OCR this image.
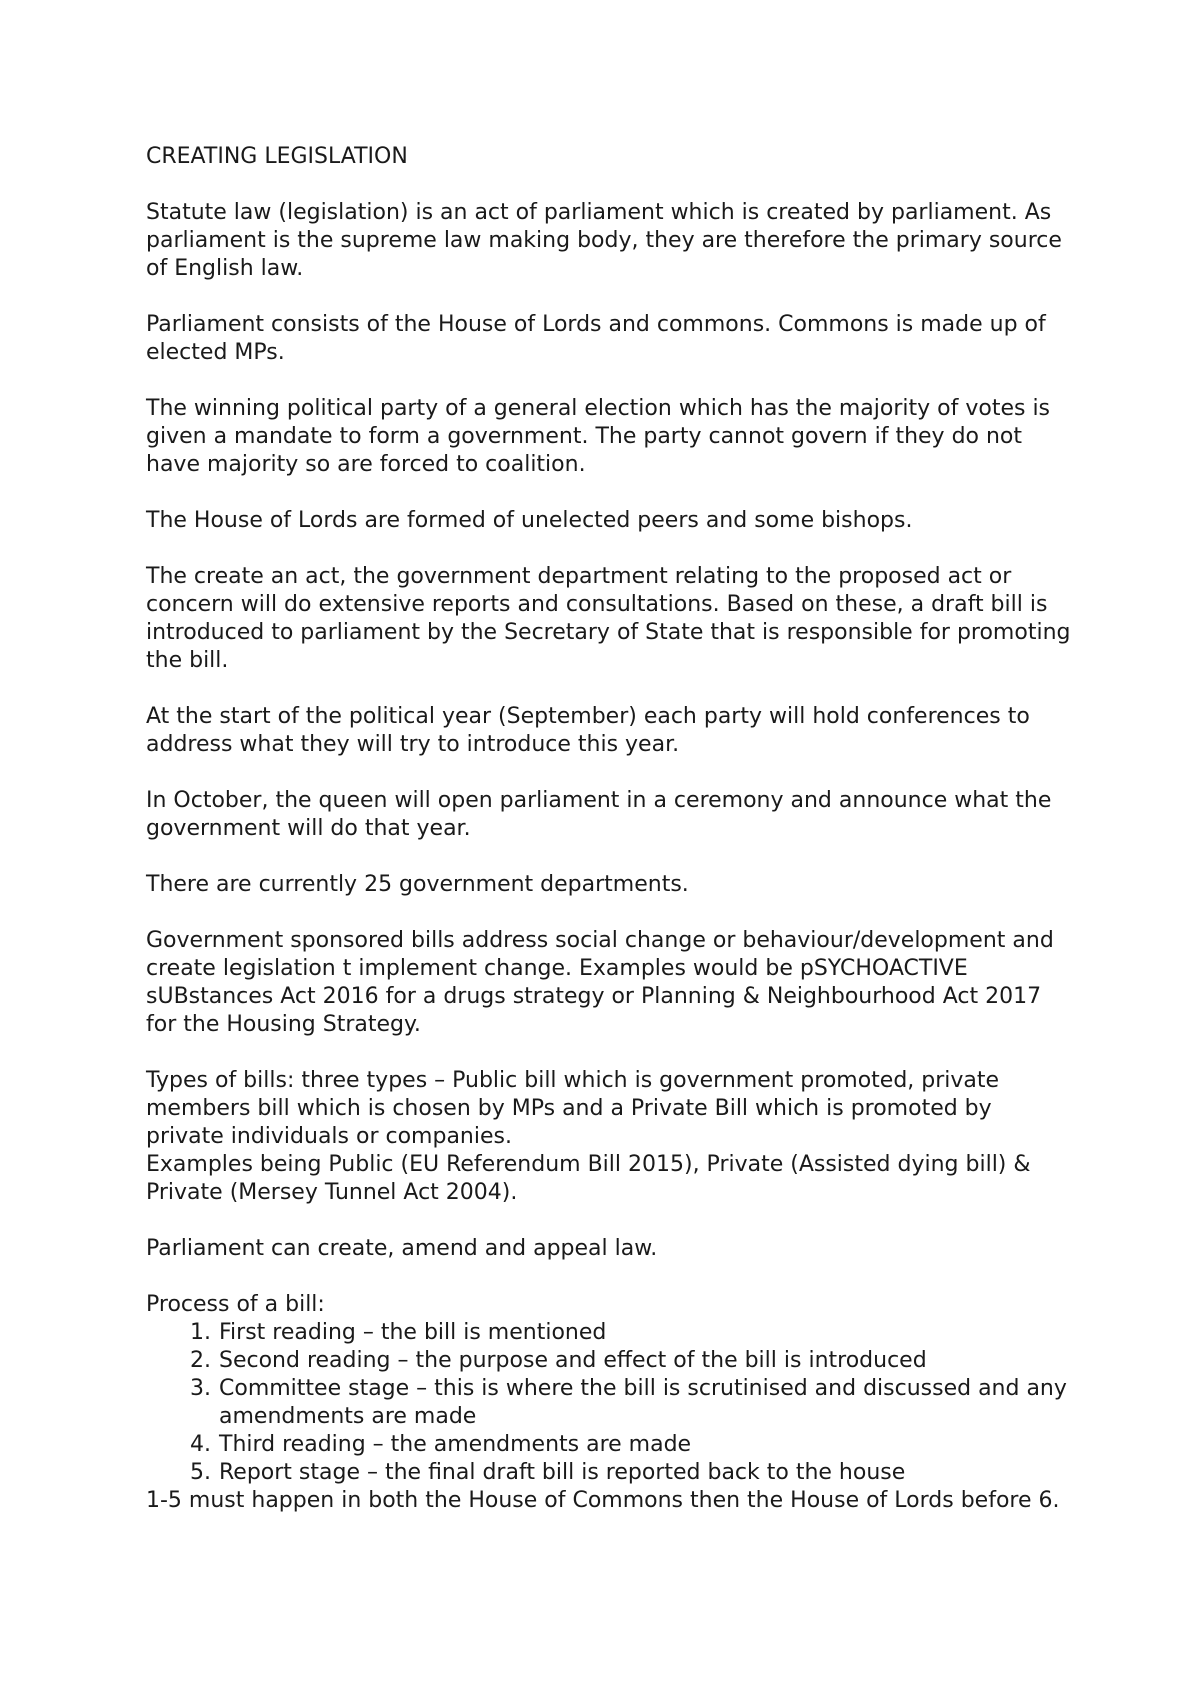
CREATING LEGISLATION

Statute law (legislation) is an act of parliament which is created by parliament. As parliament is the supreme law making body, they are therefore the primary source of English law.

Parliament consists of the House of Lords and commons. Commons is made up of elected MPs.

The winning political party of a general election which has the majority of votes is given a mandate to form a government. The party cannot govern if they do not have majority so are forced to coalition.

The House of Lords are formed of unelected peers and some bishops.

The create an act, the government department relating to the proposed act or concern will do extensive reports and consultations. Based on these, a draft bill is introduced to parliament by the Secretary of State that is responsible for promoting the bill.

At the start of the political year (September) each party will hold conferences to address what they will try to introduce this year.

In October, the queen will open parliament in a ceremony and announce what the government will do that year.

There are currently 25 government departments.

Government sponsored bills address social change or behaviour/development and create legislation t implement change. Examples would be pSYCHOACTIVE sUBstances Act 2016 for a drugs strategy or Planning & Neighbourhood Act 2017 for the Housing Strategy.

Types of bills: three types – Public bill which is government promoted, private members bill which is chosen by MPs and a Private Bill which is promoted by private individuals or companies.

Examples being Public (EU Referendum Bill 2015), Private (Assisted dying bill) & Private (Mersey Tunnel Act 2004).

Parliament can create, amend and appeal law.

Process of a bill:

1. First reading – the bill is mentioned
2. Second reading – the purpose and effect of the bill is introduced
3. Committee stage – this is where the bill is scrutinised and discussed and any amendments are made
4. Third reading – the amendments are made
5. Report stage – the final draft bill is reported back to the house

1-5 must happen in both the House of Commons then the House of Lords before 6.
